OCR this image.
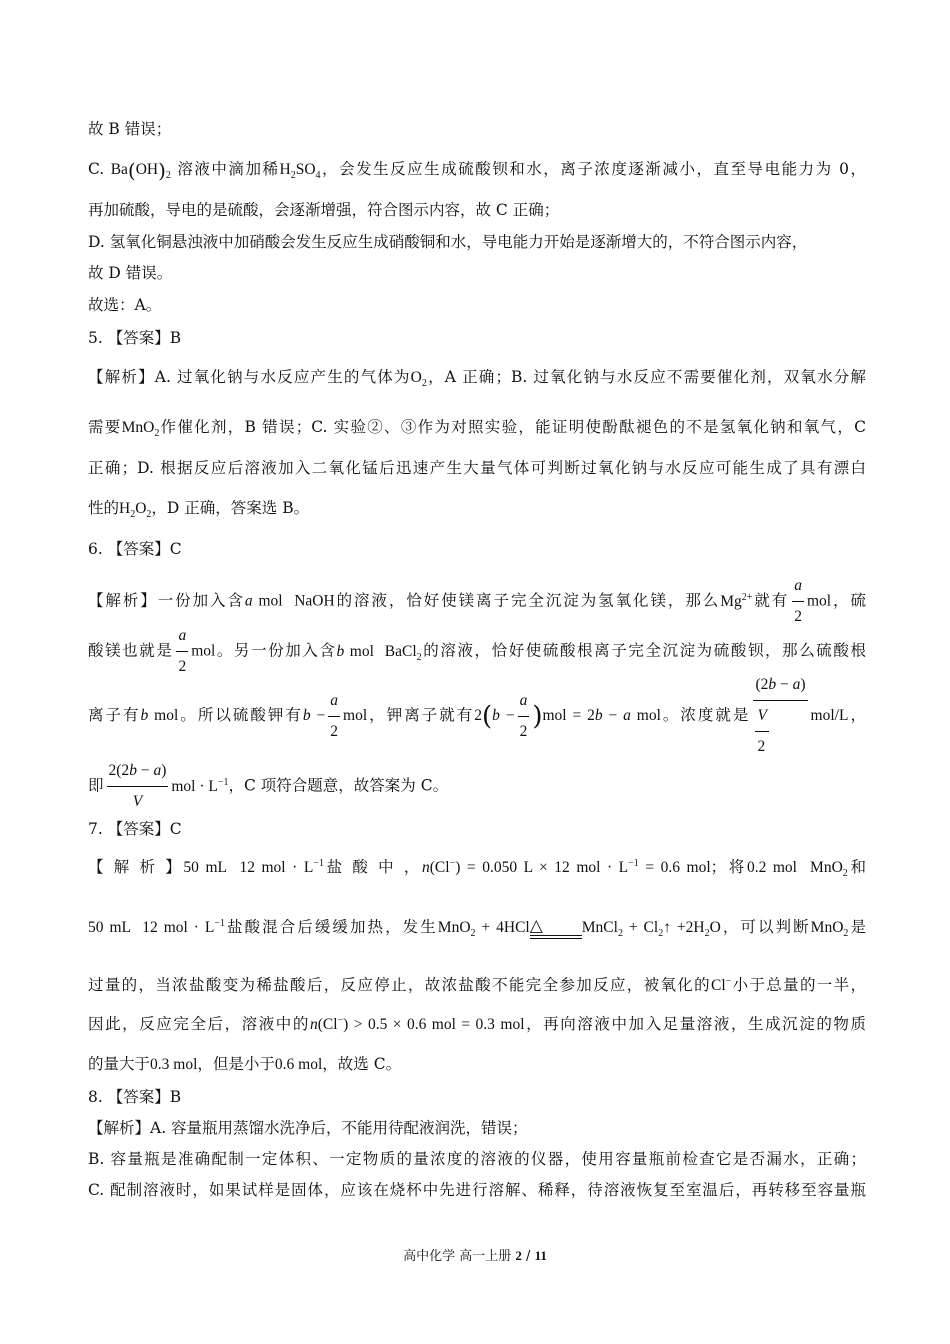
故 B 错误；
C. $Ba(OH)_2$ 溶液中滴加稀$H_2SO_4$，会发生反应生成硫酸钡和水，离子浓度逐渐减小，直至导电能力为 0，
再加硫酸，导电的是硫酸，会逐渐增强，符合图示内容，故 C 正确；
D. 氢氧化铜悬浊液中加硝酸会发生反应生成硝酸铜和水，导电能力开始是逐渐增大的，不符合图示内容，
故 D 错误。
故选：A。
5. 【答案】B
【解析】A. 过氧化钠与水反应产生的气体为$O_2$，A 正确；B. 过氧化钠与水反应不需要催化剂，双氧水分解
需要MnO$_2$作催化剂，B 错误；C. 实验②、③作为对照实验，能证明使酚酞褪色的不是氢氧化钠和氧气，C
正确；D. 根据反应后溶液加入二氧化锰后迅速产生大量气体可判断过氧化钠与水反应可能生成了具有漂白
性的$H_2O_2$，D 正确，答案选 B。
6. 【答案】C
【解析】一份加入含a mol  NaOH的溶液，恰好使镁离子完全沉淀为氢氧化镁，那么$Mg^{2+}$就有 $\frac{a}{2}$ mol，硫
酸镁也就是 $\frac{a}{2}$ mol。另一份加入含b mol  BaCl$_2$的溶液，恰好使硫酸根离子完全沉淀为硫酸钡，那么硫酸根
离子有b mol。所以硫酸钾有$b - \frac{a}{2}$ mol，钾离子就有$2(b - \frac{a}{2} )mol = 2b - a$ mol。浓度就是 $\frac{(2b - a)}{\frac{V}{2}} mol/L$，
即 $\frac{2(2b - a)}{V}$ mol · $L^{-1}$，C 项符合题意，故答案为 C。
7. 【答案】C
【 解 析 】50 mL  12 mol · $L^{-1}$盐 酸 中 ，n(Cl−) = 0.050 L × 12 mol · $L^{-1} = 0.6$ mol；将0.2 mol  MnO$_2$和
50 mL  12 mol · $L^{-1}$盐酸混合后缓缓加热，发生MnO$_2$ + 4HCl △	MnCl$_2$ + $Cl_2↑ +2H_2O$，可以判断MnO$_2$是
过量的，当浓盐酸变为稀盐酸后，反应停止，故浓盐酸不能完全参加反应，被氧化的Cl−小于总量的一半，
因此，反应完全后，溶液中的n(Cl−) > 0.5 × 0.6 mol = 0.3 mol，再向溶液中加入足量溶液，生成沉淀的物质
的量大于0.3 mol，但是小于0.6 mol，故选 C。
8. 【答案】B
【解析】A. 容量瓶用蒸馏水洗净后，不能用待配液润洗，错误；
B. 容量瓶是准确配制一定体积、一定物质的量浓度的溶液的仪器，使用容量瓶前检查它是否漏水，正确；
C. 配制溶液时，如果试样是固体，应该在烧杯中先进行溶解、稀释，待溶液恢复至室温后，再转移至容量瓶
高中化学 高一上册 2 / 11
